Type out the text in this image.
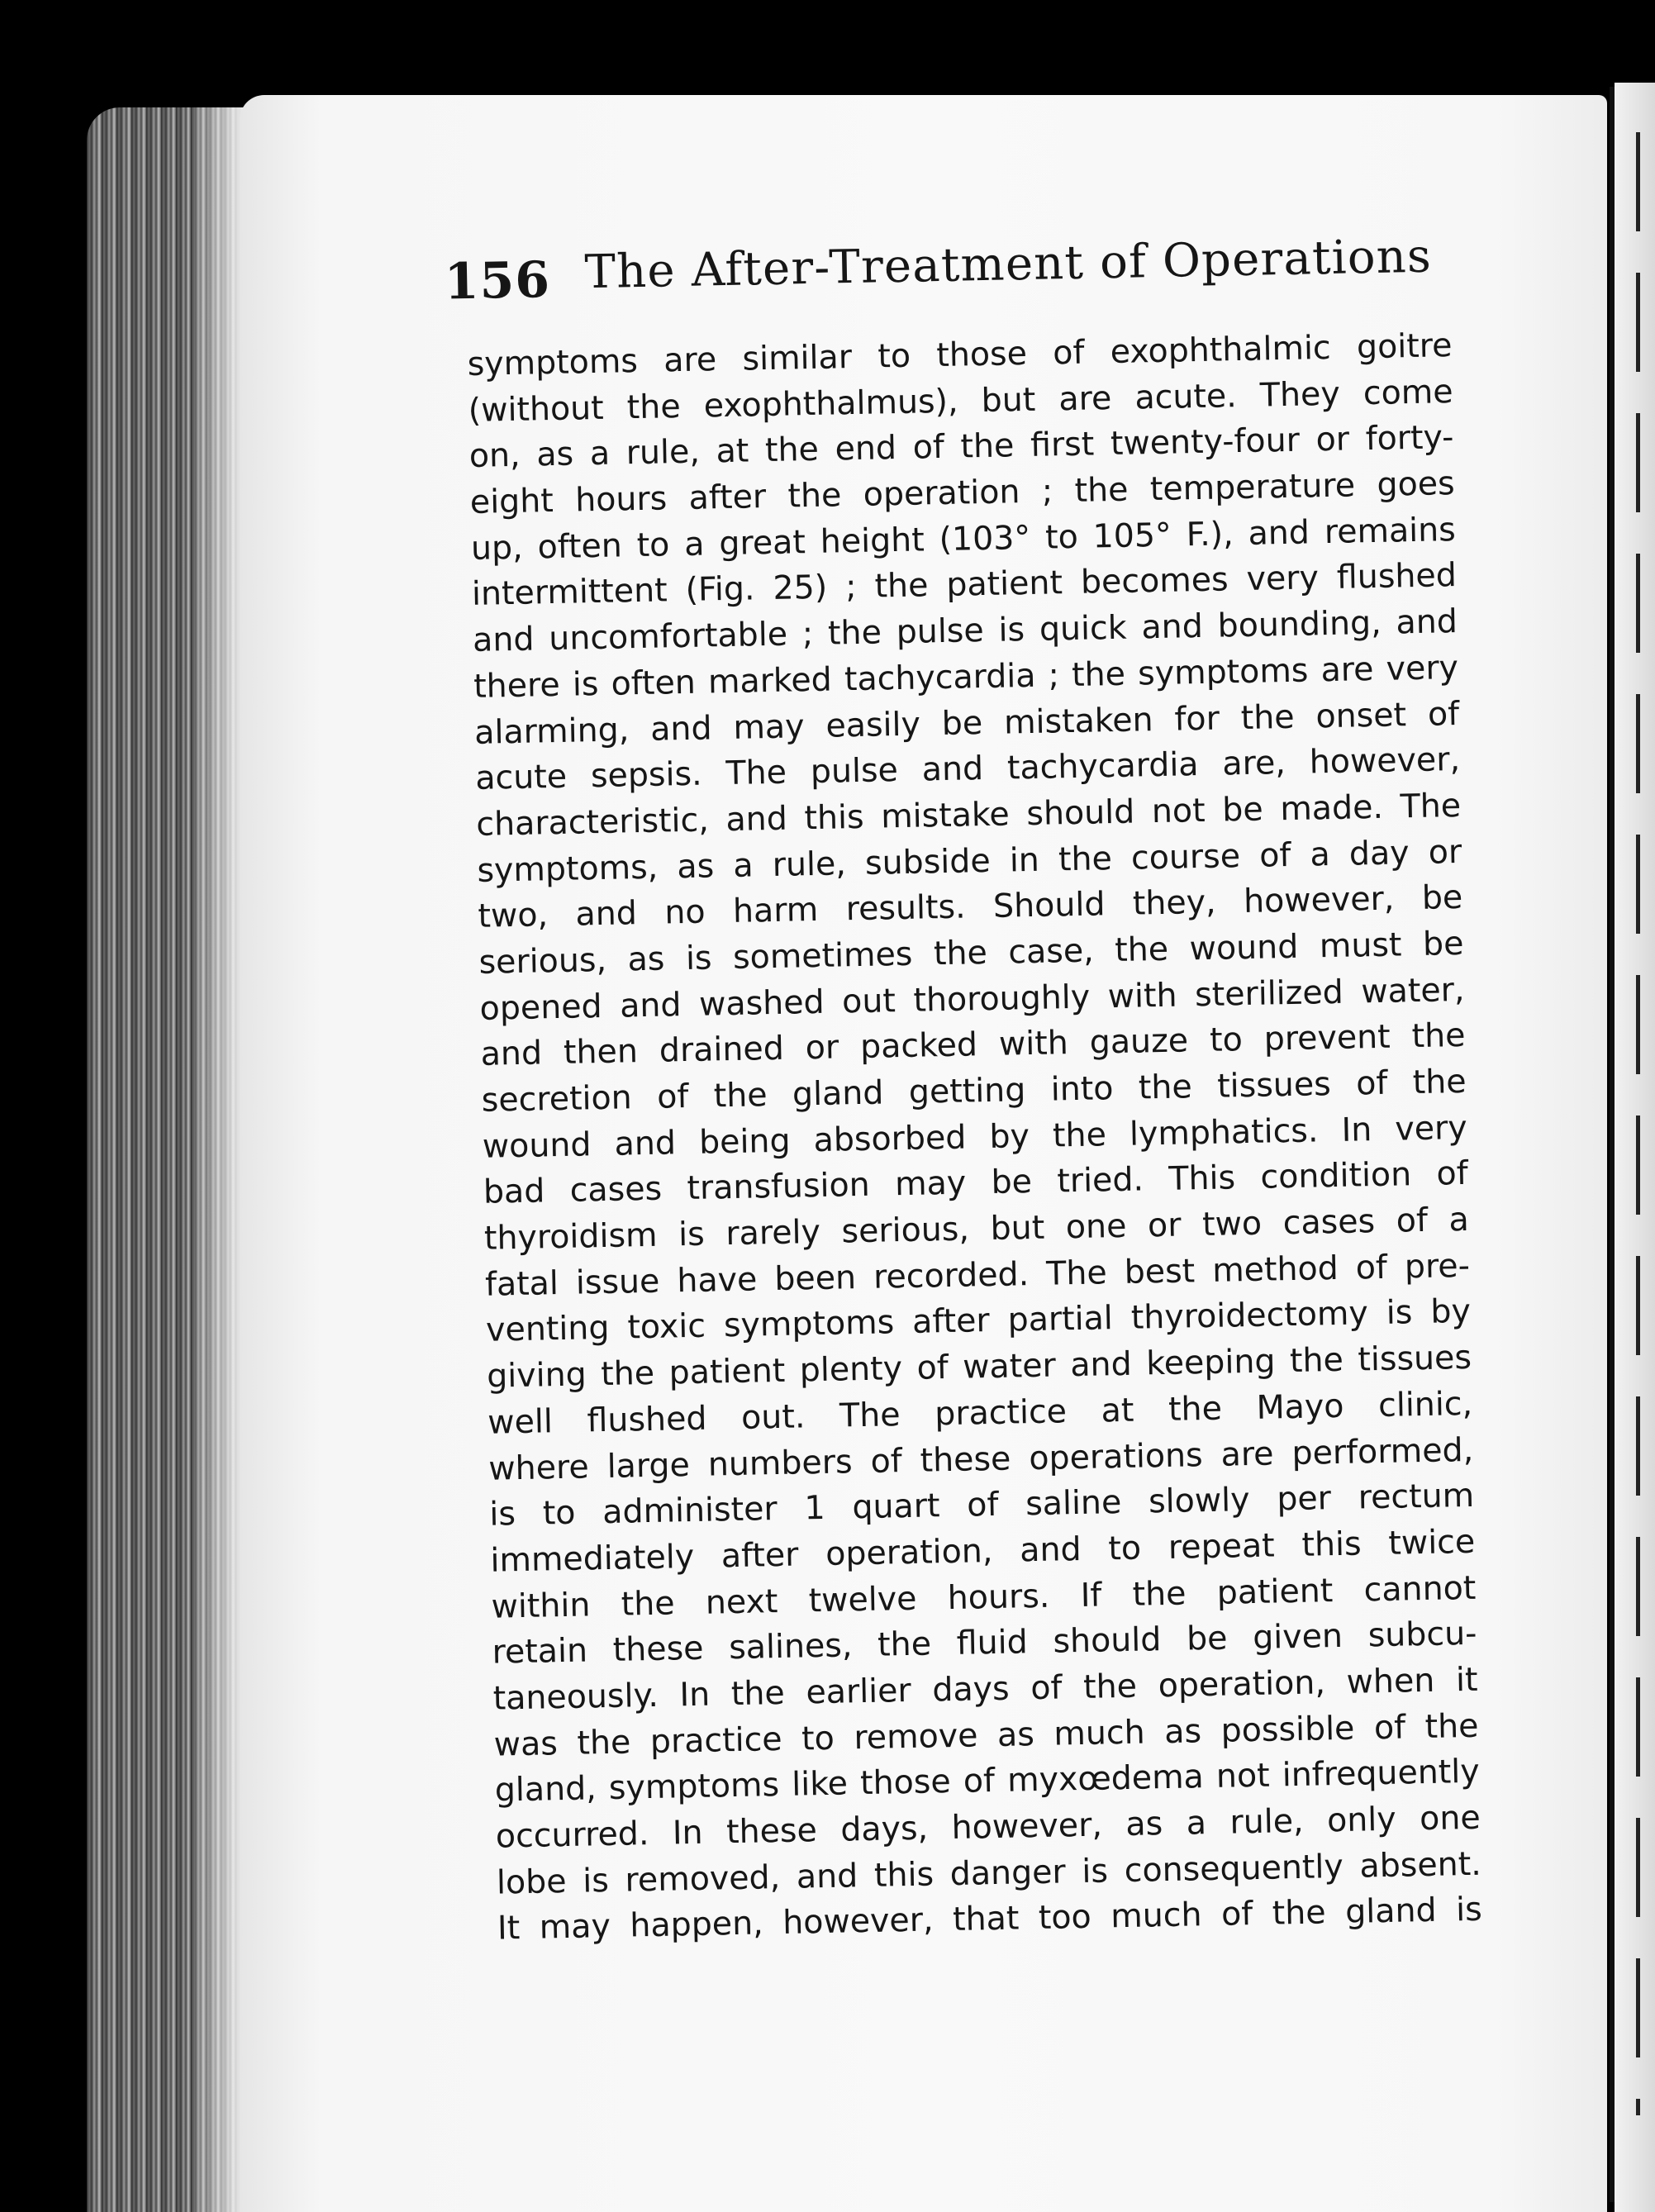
156 The After-Treatment of Operations
symptoms are similar to those of exophthalmic goitre
(without the exophthalmus), but are acute. They come
on, as a rule, at the end of the first twenty-four or forty-
eight hours after the operation ; the temperature goes
up, often to a great height (103° to 105° F.), and remains
intermittent (Fig. 25) ; the patient becomes very flushed
and uncomfortable ; the pulse is quick and bounding, and
there is often marked tachycardia ; the symptoms are very
alarming, and may easily be mistaken for the onset of
acute sepsis. The pulse and tachycardia are, however,
characteristic, and this mistake should not be made. The
symptoms, as a rule, subside in the course of a day or
two, and no harm results. Should they, however, be
serious, as is sometimes the case, the wound must be
opened and washed out thoroughly with sterilized water,
and then drained or packed with gauze to prevent the
secretion of the gland getting into the tissues of the
wound and being absorbed by the lymphatics. In very
bad cases transfusion may be tried. This condition of
thyroidism is rarely serious, but one or two cases of a
fatal issue have been recorded. The best method of pre-
venting toxic symptoms after partial thyroidectomy is by
giving the patient plenty of water and keeping the tissues
well flushed out. The practice at the Mayo clinic,
where large numbers of these operations are performed,
is to administer 1 quart of saline slowly per rectum
immediately after operation, and to repeat this twice
within the next twelve hours. If the patient cannot
retain these salines, the fluid should be given subcu-
taneously. In the earlier days of the operation, when it
was the practice to remove as much as possible of the
gland, symptoms like those of myxœdema not infrequently
occurred. In these days, however, as a rule, only one
lobe is removed, and this danger is consequently absent.
It may happen, however, that too much of the gland is
